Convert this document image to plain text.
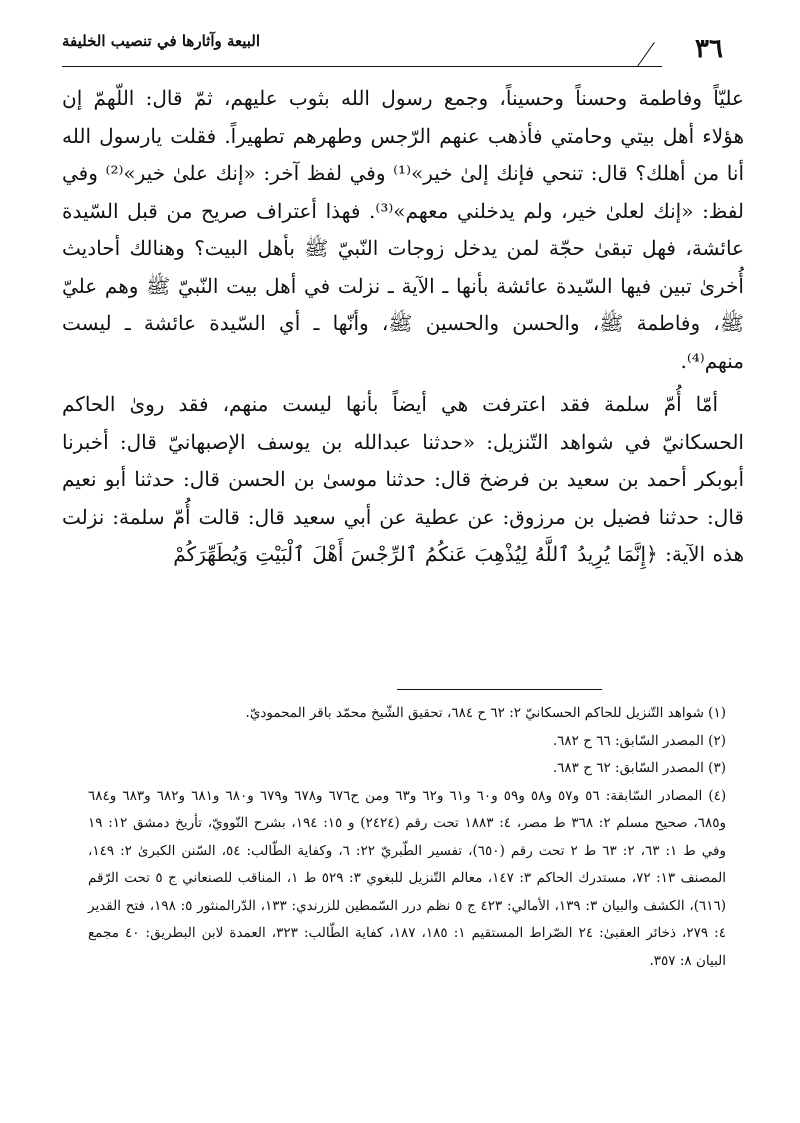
البيعة وآثارها في تنصيب الخليفة	٣٦

عليّاً وفاطمة وحسناً وحسيناً، وجمع رسول الله بثوب عليهم، ثمّ قال: اللّهمّ إن هؤلاء أهل بيتي وحامتي فأذهب عنهم الرّجس وطهرهم تطهيراً. فقلت يارسول الله أنا من أهلك؟ قال: تنحي فإنك إلىٰ خير»⁽¹⁾ وفي لفظ آخر: «إنك علىٰ خير»⁽²⁾ وفي لفظ: «إنك لعلىٰ خير، ولم يدخلني معهم»⁽³⁾. فهذا أعتراف صريح من قبل السّيدة عائشة، فهل تبقىٰ حجّة لمن يدخل زوجات النّبيّ ﷺ بأهل البيت؟ وهنالك أحاديث أُخرىٰ تبين فيها السّيدة عائشة بأنها ـ الآية ـ نزلت في أهل بيت النّبيّ ﷺ وهم عليّ ﷺ، وفاطمة ﷺ، والحسن والحسين ﷺ، وأنّها ـ أي السّيدة عائشة ـ ليست منهم⁽⁴⁾.

أمّا أُمّ سلمة فقد اعترفت هي أيضاً بأنها ليست منهم، فقد روىٰ الحاكم الحسكانيّ في شواهد التّنزيل: «حدثنا عبدالله بن يوسف الإصبهانيّ قال: أخبرنا أبوبكر أحمد بن سعيد بن فرضخ قال: حدثنا موسىٰ بن الحسن قال: حدثنا أبو نعيم قال: حدثنا فضيل بن مرزوق: عن عطية عن أبي سعيد قال: قالت أُمّ سلمة: نزلت هذه الآية: ﴿إِنَّمَا يُرِيدُ ٱللَّهُ لِيُذْهِبَ عَنكُمُ ٱلرِّجْسَ أَهْلَ ٱلْبَيْتِ وَيُطَهِّرَكُمْ

(١) شواهد التّنزيل للحاكم الحسكانيّ ٢: ٦٢ ح ٦٨٤، تحقيق الشّيخ محمّد باقر المحموديّ.

(٢) المصدر السّابق: ٦٦ ح ٦٨٢.

(٣) المصدر السّابق: ٦٢ ح ٦٨٣.

(٤) المصادر السّابقة: ٥٦ و٥٧ و٥٨ و٥٩ و٦٠ و٦١ و٦٢ و٦٣ ومن ح٦٧٦ و٦٧٨ و٦٧٩ و٦٨٠ و٦٨١ و٦٨٢ و٦٨٣ و٦٨٤ و٦٨٥، صحيح مسلم ٢: ٣٦٨ ط مصر، ٤: ١٨٨٣ تحت رقم (٢٤٢٤) و ١٥: ١٩٤، بشرح النّوويّ، تأريخ دمشق ١٢: ١٩ وفي ط ١: ٦٣، ٢: ٦٣ ط ٢ تحت رقم (٦٥٠)، تفسير الطّبريّ ٢٢: ٦، وكفاية الطّالب: ٥٤، السّنن الكبرىٰ ٢: ١٤٩، المصنف ١٣: ٧٢، مستدرك الحاكم ٣: ١٤٧، معالم التّنزيل للبغوي ٣: ٥٢٩ ط ١، المناقب للصنعاني ج ٥ تحت الرّقم (٦١٦)، الكشف والبيان ٣: ١٣٩، الأمالي: ٤٢٣ ج ٥ نظم درر السّمطين للزرندي: ١٣٣، الدّرالمنثور ٥: ١٩٨، فتح القدير ٤: ٢٧٩، ذخائر العقبىٰ: ٢٤ الصّراط المستقيم ١: ١٨٥، ١٨٧، كفاية الطّالب: ٣٢٣، العمدة لابن البطريق: ٤٠ مجمع البيان ٨: ٣٥٧.
